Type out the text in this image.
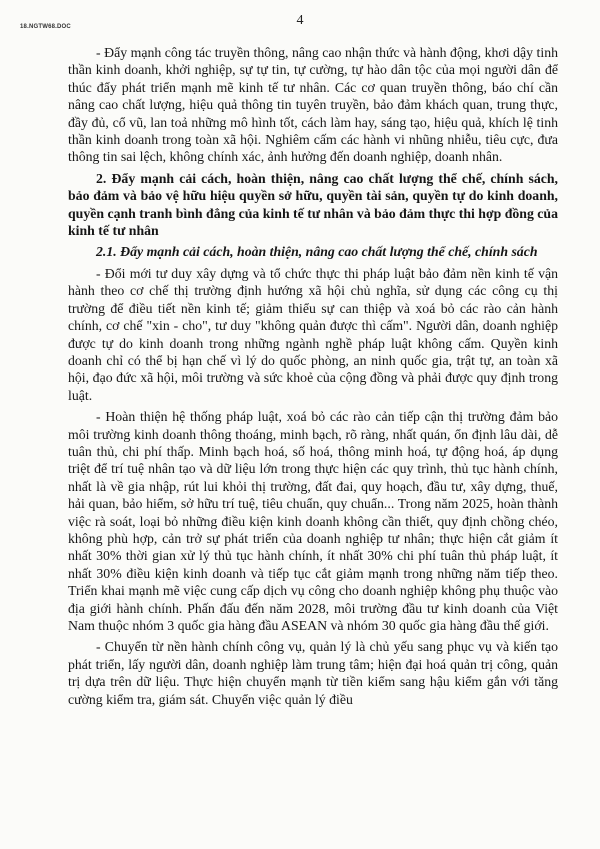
18.NGTW68.DOC	4

- Đẩy mạnh công tác truyền thông, nâng cao nhận thức và hành động, khơi dậy tinh thần kinh doanh, khởi nghiệp, sự tự tin, tự cường, tự hào dân tộc của mọi người dân để thúc đẩy phát triển mạnh mẽ kinh tế tư nhân. Các cơ quan truyền thông, báo chí cần nâng cao chất lượng, hiệu quả thông tin tuyên truyền, bảo đảm khách quan, trung thực, đầy đủ, cổ vũ, lan toả những mô hình tốt, cách làm hay, sáng tạo, hiệu quả, khích lệ tinh thần kinh doanh trong toàn xã hội. Nghiêm cấm các hành vi nhũng nhiễu, tiêu cực, đưa thông tin sai lệch, không chính xác, ảnh hưởng đến doanh nghiệp, doanh nhân.

2. Đẩy mạnh cải cách, hoàn thiện, nâng cao chất lượng thể chế, chính sách, bảo đảm và bảo vệ hữu hiệu quyền sở hữu, quyền tài sản, quyền tự do kinh doanh, quyền cạnh tranh bình đẳng của kinh tế tư nhân và bảo đảm thực thi hợp đồng của kinh tế tư nhân

2.1. Đẩy mạnh cải cách, hoàn thiện, nâng cao chất lượng thể chế, chính sách

- Đổi mới tư duy xây dựng và tổ chức thực thi pháp luật bảo đảm nền kinh tế vận hành theo cơ chế thị trường định hướng xã hội chủ nghĩa, sử dụng các công cụ thị trường để điều tiết nền kinh tế; giảm thiểu sự can thiệp và xoá bỏ các rào cản hành chính, cơ chế "xin - cho", tư duy "không quản được thì cấm". Người dân, doanh nghiệp được tự do kinh doanh trong những ngành nghề pháp luật không cấm. Quyền kinh doanh chỉ có thể bị hạn chế vì lý do quốc phòng, an ninh quốc gia, trật tự, an toàn xã hội, đạo đức xã hội, môi trường và sức khoẻ của cộng đồng và phải được quy định trong luật.

- Hoàn thiện hệ thống pháp luật, xoá bỏ các rào cản tiếp cận thị trường đảm bảo môi trường kinh doanh thông thoáng, minh bạch, rõ ràng, nhất quán, ổn định lâu dài, dễ tuân thủ, chi phí thấp. Minh bạch hoá, số hoá, thông minh hoá, tự động hoá, áp dụng triệt để trí tuệ nhân tạo và dữ liệu lớn trong thực hiện các quy trình, thủ tục hành chính, nhất là về gia nhập, rút lui khỏi thị trường, đất đai, quy hoạch, đầu tư, xây dựng, thuế, hải quan, bảo hiểm, sở hữu trí tuệ, tiêu chuẩn, quy chuẩn... Trong năm 2025, hoàn thành việc rà soát, loại bỏ những điều kiện kinh doanh không cần thiết, quy định chồng chéo, không phù hợp, cản trở sự phát triển của doanh nghiệp tư nhân; thực hiện cắt giảm ít nhất 30% thời gian xử lý thủ tục hành chính, ít nhất 30% chi phí tuân thủ pháp luật, ít nhất 30% điều kiện kinh doanh và tiếp tục cắt giảm mạnh trong những năm tiếp theo. Triển khai mạnh mẽ việc cung cấp dịch vụ công cho doanh nghiệp không phụ thuộc vào địa giới hành chính. Phấn đấu đến năm 2028, môi trường đầu tư kinh doanh của Việt Nam thuộc nhóm 3 quốc gia hàng đầu ASEAN và nhóm 30 quốc gia hàng đầu thế giới.

- Chuyển từ nền hành chính công vụ, quản lý là chủ yếu sang phục vụ và kiến tạo phát triển, lấy người dân, doanh nghiệp làm trung tâm; hiện đại hoá quản trị công, quản trị dựa trên dữ liệu. Thực hiện chuyển mạnh từ tiền kiểm sang hậu kiểm gắn với tăng cường kiểm tra, giám sát. Chuyển việc quản lý điều
